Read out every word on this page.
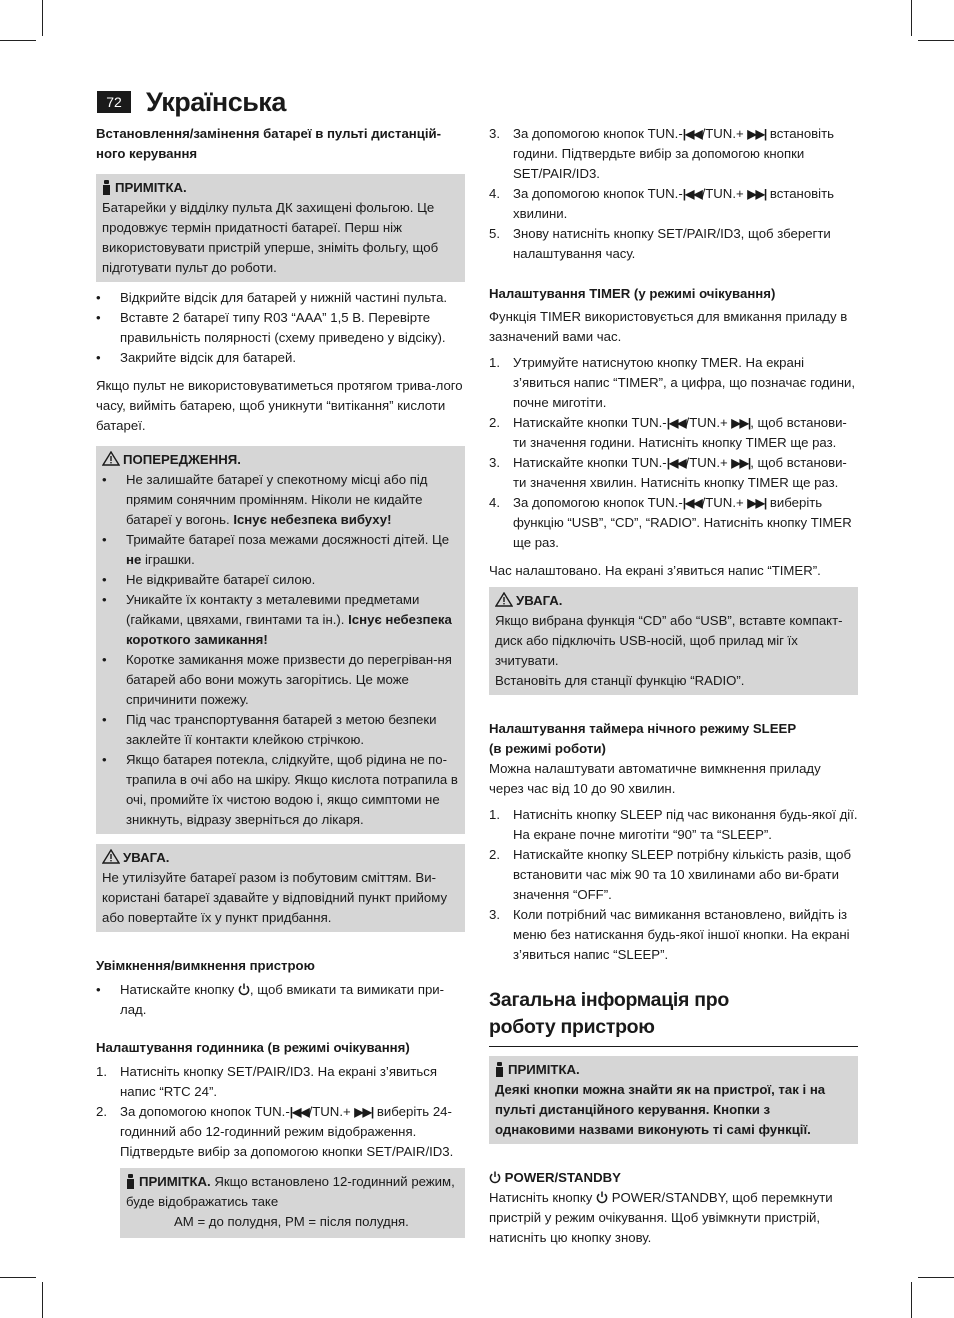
72 Українська
Встановлення/замінення батареї в пульті дистанцій-ного керування
ПРИМІТКА.
Батарейки у відділку пульта ДК захищені фольгою. Це продовжує термін придатності батареї. Перш ніж використовувати пристрій уперше, зніміть фольгу, щоб підготувати пульт до роботи.
• Відкрийте відсік для батарей у нижній частині пульта.
• Вставте 2 батареї типу R03 “AAA” 1,5 В. Перевірте правильність полярності (схему приведено у відсіку).
• Закрийте відсік для батарей.

Якщо пульт не використовуватиметься протягом трива-лого часу, вийміть батарею, щоб уникнути “витікання” кислоти батареї.

ПОПЕРЕДЖЕННЯ.
• Не залишайте батареї у спекотному місці або під прямим сонячним промінням. Ніколи не кидайте батареї у вогонь. Існує небезпека вибуху!
• Тримайте батареї поза межами досяжності дітей. Це не іграшки.
• Не відкривайте батареї силою.
• Уникайте їх контакту з металевими предметами (гайками, цвяхами, гвинтами та ін.). Існує небезпека короткого замикання!
• Коротке замикання може призвести до перегріван-ня батарей або вони можуть загорітись. Це може спричинити пожежу.
• Під час транспортування батарей з метою безпеки заклейте її контакти клейкою стрічкою.
• Якщо батарея потекла, слідкуйте, щоб рідина не по-трапила в очі або на шкіру. Якщо кислота потрапила в очі, промийте їх чистою водою і, якщо симптоми не зникнуть, відразу зверніться до лікаря.
УВАГА.
Не утилізуйте батареї разом із побутовим сміттям. Ви-користані батареї здавайте у відповідний пункт прийому або повертайте їх у пункт придбання.
Увімкнення/вимкнення пристрою
• Натискайте кнопку , щоб вмикати та вимикати при-лад.
Налаштування годинника (в режимі очікування)
1. Натисніть кнопку SET/PAIR/ID3. На екрані з’явиться напис “RTC 24”.
2. За допомогою кнопок TUN.-|◀◀/TUN.+ ▶▶| виберіть 24-годинний або 12-годинний режим відображення. Підтвердьте вибір за допомогою кнопки SET/PAIR/ID3.
ПРИМІТКА. Якщо встановлено 12-годинний режим, буде відображатись таке
AM = до полудня, PM = після полудня.
3. За допомогою кнопок TUN.-|◀◀/TUN.+ ▶▶| встановіть години. Підтвердьте вибір за допомогою кнопки SET/PAIR/ID3.
4. За допомогою кнопок TUN.-|◀◀/TUN.+ ▶▶| встановіть хвилини.
5. Знову натисніть кнопку SET/PAIR/ID3, щоб зберегти налаштування часу.
Налаштування TIMER (у режимі очікування)

Функція TIMER використовується для вмикання приладу в зазначений вами час.

1. Утримуйте натиснутою кнопку TMER. На екрані з’явиться напис “TIMER”, а цифра, що позначає години, почне миготіти.
2. Натискайте кнопки TUN.-|◀◀/TUN.+ ▶▶|, щоб встанови-ти значення години. Натисніть кнопку TIMER ще раз.
3. Натискайте кнопки TUN.-|◀◀/TUN.+ ▶▶|, щоб встанови-ти значення хвилин. Натисніть кнопку TIMER ще раз.
4. За допомогою кнопок TUN.-|◀◀/TUN.+ ▶▶| виберіть функцію “USB”, “CD”, “RADIO”. Натисніть кнопку TIMER ще раз.

Час налаштовано. На екрані з’явиться напис “TIMER”.

УВАГА.
Якщо вибрана функція “CD” або “USB”, вставте компакт-диск або підключіть USB-носій, щоб прилад міг їх зчитувати.
Встановіть для станції функцію “RADIO”.
Налаштування таймера нічного режиму SLEEP
(в режимі роботи)

Можна налаштувати автоматичне вимкнення приладу через час від 10 до 90 хвилин.

1. Натисніть кнопку SLEEP під час виконання будь-якої дії. На екране почне миготіти “90” та “SLEEP”.
2. Натискайте кнопку SLEEP потрібну кількість разів, щоб встановити час між 90 та 10 хвилинами або ви-брати значення “OFF”.
3. Коли потрібний час вимикання встановлено, вийдіть із меню без натискання будь-якої іншої кнопки. На екрані з’явиться напис “SLEEP”.
Загальна інформація про роботу пристрою
ПРИМІТКА.
Деякі кнопки можна знайти як на пристрої, так і на пульті дистанційного керування. Кнопки з однаковими назвами виконують ті самі функції.
POWER/STANDBY

Натисніть кнопку  POWER/STANDBY, щоб перемкнути пристрій у режим очікування. Щоб увімкнути пристрій, натисніть цю кнопку знову.
